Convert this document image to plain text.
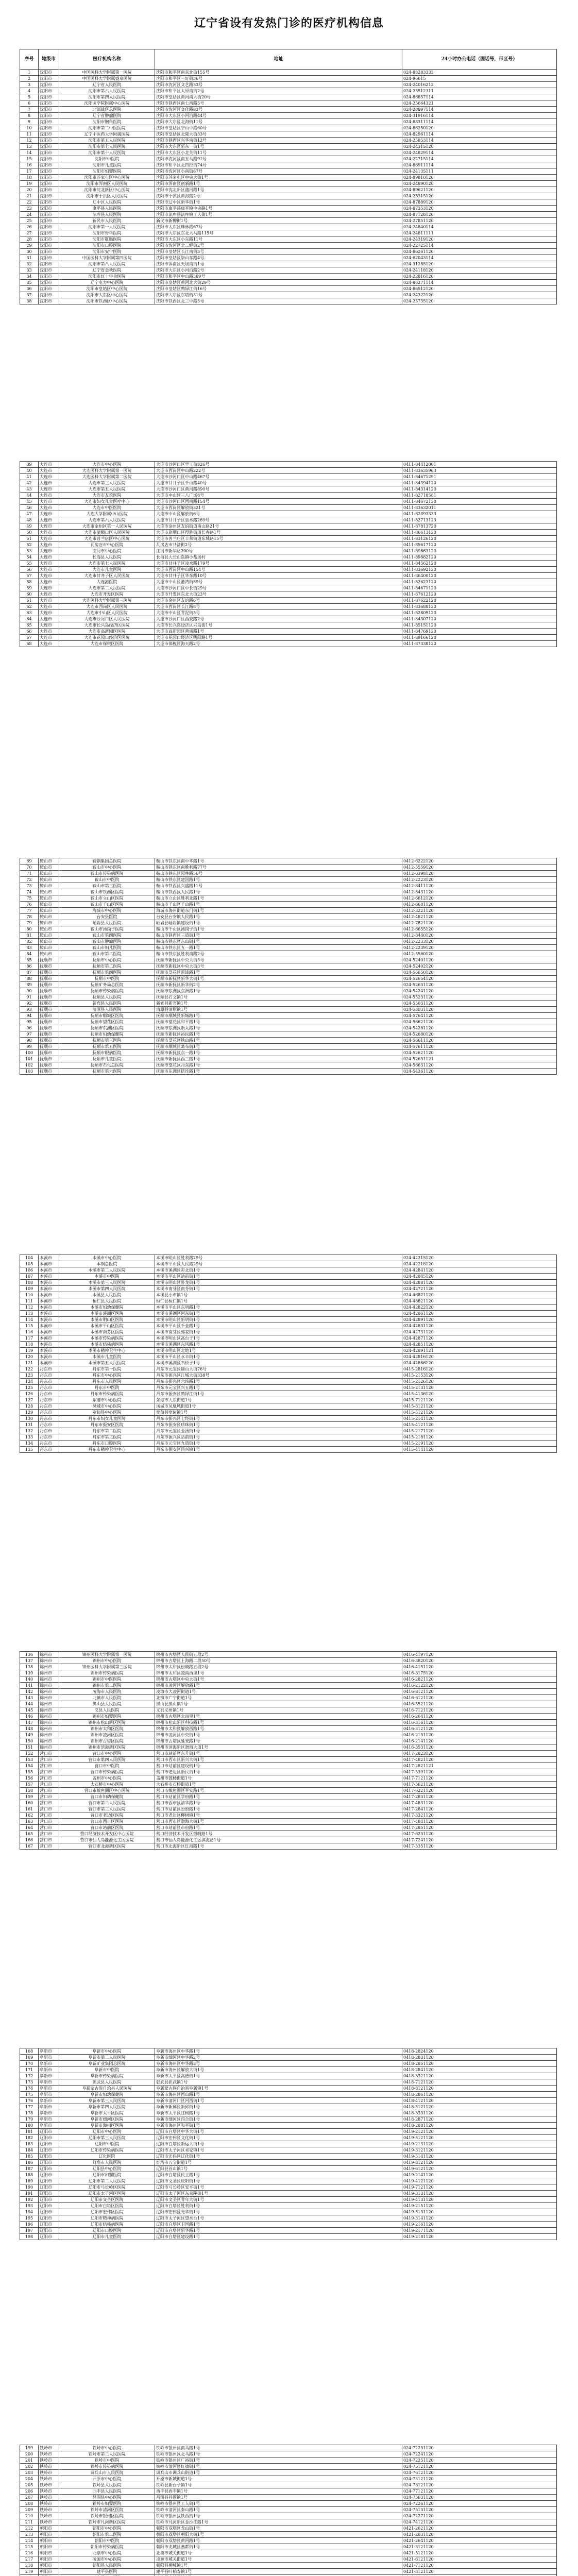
辽宁省设有发热门诊的医疗机构信息
序号	地级市	医疗机构名称	地址	24小时办公电话（固话号，带区号）
1	沈阳市	中国医科大学附属第一医院	沈阳市和平区南京北街155号	024-83283333
2	沈阳市	中国医科大学附属盛京医院	沈阳市和平区三好街36号	024-96615
3	沈阳市	辽宁省人民医院	沈阳市沈河区文艺路33号	024-24016212
4	沈阳市	沈阳市第六人民医院	沈阳市和平区太原南街2号	024-23512311
5	沈阳市	沈阳市第四人民医院	沈阳市皇姑区黄河南大街20号	024-86857114
6	沈阳市	沈阳医学院附属中心医院	沈阳市铁西区南七西路5号	024-25664321
7	沈阳市	北部战区总医院	沈阳市沈河区文化路83号	024-28897114
8	沈阳市	辽宁省肿瘤医院	沈阳市大东区小河沿路44号	024-31916114
9	沈阳市	沈阳市胸科医院	沈阳市大东区北海街11号	024-88311114
10	沈阳市	沈阳市第二中医医院	沈阳市皇姑区宁山中路60号	024-86250120
11	沈阳市	辽宁中医药大学附属医院	沈阳市皇姑区北陵大街33号	024-82961114
12	沈阳市	沈阳市第五人民医院	沈阳市铁西区兴华南街12号	024-25853114
13	沈阳市	沈阳市第七人民医院	沈阳市大东区新东一街1号	024-24315120
14	沈阳市	沈阳市第十人民医院	沈阳市大东区小北关街11号	024-24829114
15	沈阳市	沈阳市中医院	沈阳市沈河区南五马路91号	024-22715114
16	沈阳市	沈阳市儿童医院	沈阳市和平区北四经街74号	024-86911114
17	沈阳市	沈阳市妇婴医院	沈阳市沈河区小南街87号	024-24135111
18	沈阳市	沈阳市苏家屯区中心医院	沈阳市苏家屯区中央大街1号	024-89810120
19	沈阳市	沈阳市浑南区人民医院	沈阳市浑南区创新路1号	024-24890120
20	沈阳市	沈阳市沈北新区中心医院	沈阳市沈北新区蒲河路1号	024-89621120
21	沈阳市	沈阳市于洪区人民医院	沈阳市于洪区黄海路2号	024-25315120
22	沈阳市	辽中区人民医院	沈阳市辽中区新华街1号	024-87889120
23	沈阳市	康平县人民医院	沈阳市康平县康平镇中央路1号	024-87353120
24	沈阳市	法库县人民医院	沈阳市法库县法库镇工人街1号	024-87128120
25	沈阳市	新民市人民医院	新民市新柳街1号	024-27851120
26	沈阳市	沈阳市第一人民医院	沈阳市大东区珠林路67号	024-24840114
27	沈阳市	沈阳市骨科医院	沈阳市大东区东北大马路115号	024-24811111
28	沈阳市	沈阳市肛肠医院	沈阳市大东区小东路11号	024-24319120
29	沈阳市	沈阳市口腔医院	沈阳市沈河区北二经街2号	024-22725114
30	沈阳市	沈阳市安宁医院	沈阳市皇姑区长江南街3号	024-86261120
31	沈阳市	中国医科大学附属第四医院	沈阳市皇姑区崇山东路4号	024-62043114
32	沈阳市	沈阳市第八人民医院	沈阳市浑南区天坛南街1号	024-31285120
33	沈阳市	辽宁省金秋医院	沈阳市大东区小河沿路2号	024-24118120
34	沈阳市	沈阳市红十字会医院	沈阳市和平区中山路389号	024-22816120
35	沈阳市	辽宁电力中心医院	沈阳市皇姑区黄河北大街29号	024-86271114
36	沈阳市	沈阳市皇姑区中心医院	沈阳市皇姑区鸭绿江街16号	024-86512120
37	沈阳市	沈阳市大东区中心医院	沈阳市大东区东塔街31号	024-24322120
38	沈阳市	沈阳市铁西区中心医院	沈阳市铁西区北三中路5号	024-25735120
39	大连市	大连市中心医院	大连市沙河口区学工街826号	0411-84412001
40	大连市	大连医科大学附属第一医院	大连市西岗区中山路222号	0411-83635963
41	大连市	大连医科大学附属第二医院	大连市沙河口区中山路467号	0411-84671291
42	大连市	大连市第三人民医院	大连市甘井子区千山路40号	0411-84394120
43	大连市	大连市第五人民医院	大连市沙河口区黄河路890号	0411-84314120
44	大连市	大连市友谊医院	大连市中山区三八广场8号	0411-82718581
45	大连市	大连市妇女儿童医疗中心	大连市沙河口区西南路154号	0411-84672130
46	大连市	大连市中医医院	大连市西岗区解放街321号	0411-83632011
47	大连市	大连大学附属中山医院	大连市中山区解放街6号	0411-62893333
48	大连市	大连市第六人民医院	大连市甘井子区泉水路269号	0411-82713123
49	大连市	大连市金州区第一人民医院	大连市金州区友谊街道南山路21号	0411-87813720
50	大连市	大连市旅顺口区人民医院	大连市旅顺口区得胜街道长春路1号	0411-86613120
51	大连市	大连市普兰店区中心医院	大连市普兰店区丰荣街道东城路15号	0411-83126120
52	大连市	瓦房店市中心医院	瓦房店市共济街2号	0411-85617120
53	大连市	庄河市中心医院	庄河市新华路200号	0411-89863120
54	大连市	长海县人民医院	长海县大长山岛镇小盐场村	0411-89882120
55	大连市	大连市第七人民医院	大连市甘井子区凌水路179号	0411-84562120
56	大连市	大连市儿童医院	大连市西岗区中山路154号	0411-83692120
57	大连市	大连市甘井子区人民医院	大连市甘井子区华东路10号	0411-86400120
58	大连市	大连港医院	大连市中山区港湾街89号	0411-82623120
59	大连市	大连市第二人民医院	大连市沙河口区中长街29号	0411-84671120
60	大连市	大连市开发区医院	大连市开发区东北大街23号	0411-87612120
61	大连市	大连医科大学附属第三医院	大连市金州区友谊路6号	0411-87622120
62	大连市	大连市西岗区人民医院	大连市西岗区长江路8号	0411-83688120
63	大连市	大连市中山区人民医院	大连市中山区青泥街5号	0411-82809120
64	大连市	大连市沙河口区人民医院	大连市沙河口区西安路2号	0411-84307120
65	大连市	大连市长兴岛经济区医院	大连市长兴岛经济区兴岛街1号	0411-85151120
66	大连市	大连市高新园区医院	大连市高新园区黄浦路1号	0411-84769120
67	大连市	大连市花园口经济区医院	大连市花园口经济区明阳路1号	0411-89166120
68	大连市	大连市保税区医院	大连市保税区海天路2号	0411-87338120
69	鞍山市	鞍钢集团总医院	鞍山市铁东区南中华路1号	0412-6222120
70	鞍山市	鞍山市中心医院	鞍山市铁东区南胜利路77号	0412-5559120
71	鞍山市	鞍山市传染病医院	鞍山市铁东区园林路56号	0412-6398120
72	鞍山市	鞍山市中医院	鞍山市铁东区建国路1号	0412-2223120
73	鞍山市	鞍山市第三医院	鞍山市铁西区兴盛路11号	0412-8411120
74	鞍山市	鞍山市铁西区医院	鞍山市铁西区人民路1号	0412-8431120
75	鞍山市	鞍山市立山区医院	鞍山市立山区胜利北路1号	0412-6612120
76	鞍山市	鞍山市千山区医院	鞍山市千山区千山路1号	0412-6681120
77	鞍山市	海城市中心医院	海城市海州街道东门街1号	0412-3221120
78	鞍山市	台安县医院	台安县台安镇人民路1号	0412-4821120
79	鞍山市	岫岩县人民医院	岫岩县岫岩镇建设街1号	0412-7821120
80	鞍山市	鞍山市汤岗子医院	鞍山市千山区汤岗子街1号	0412-6655120
81	鞍山市	鞍山市第四医院	鞍山市铁西区三道街1号	0412-8440120
82	鞍山市	鞍山市肿瘤医院	鞍山市铁东区东山街1号	0412-2233120
83	鞍山市	鞍山市妇儿医院	鞍山市铁东区五一路1号	0412-2239120
84	鞍山市	鞍山市第二医院	鞍山市铁东区胜利南路2号	0412-5560120
85	抚顺市	抚顺市中心医院	抚顺市新抚区中央大街5号	024-52401120
86	抚顺市	抚顺市第二医院	抚顺市新抚区中央大街3号	024-52402120
87	抚顺市	抚顺市第四医院	抚顺市望花区雷锋路1号	024-56650120
88	抚顺市	抚顺市中医院	抚顺市新抚区新华大街1号	024-52654120
89	抚顺市	抚顺矿务局总医院	抚顺市新抚区新华街2号	024-52631120
90	抚顺市	抚顺市传染病医院	抚顺市东洲区东洲路1号	024-54241120
91	抚顺市	抚顺县人民医院	抚顺县石文镇1号	024-55231120
92	抚顺市	新宾县人民医院	新宾县新宾镇1号	024-55031120
93	抚顺市	清原县人民医院	清原县清原镇1号	024-53031120
94	抚顺市	抚顺市顺城区医院	抚顺市顺城区新城路1号	024-57641120
95	抚顺市	抚顺市望花区医院	抚顺市望花区和平路1号	024-56621120
96	抚顺市	抚顺市东洲区医院	抚顺市东洲区新太路1号	024-54281120
97	抚顺市	抚顺市妇幼保健院	抚顺市新抚区裕民路1号	024-52680120
98	抚顺市	抚顺市第三医院	抚顺市望花区铁山路1号	024-56611120
99	抚顺市	抚顺市第五医院	抚顺市顺城区葛布街1号	024-57611120
100	抚顺市	抚顺市眼病医院	抚顺市新抚区东一路1号	024-52621120
101	抚顺市	抚顺市儿童医院	抚顺市新抚区西三路1号	024-52631121
102	抚顺市	抚顺市石化总医院	抚顺市望花区丹东路1号	024-56631120
103	抚顺市	抚顺市第六医院	抚顺市东洲区搭连路1号	024-54261120
104	本溪市	本溪市中心医院	本溪市明山区胜利路29号	024-42215120
105	本溪市	本钢总医院	本溪市平山区人民路29号	024-42218120
106	本溪市	本溪市第二人民医院	本溪市溪湖区彩北街1号	024-42841120
107	本溪市	本溪市中医院	本溪市平山区站前街1号	024-42845120
108	本溪市	本溪市第三人民医院	本溪市明山区卧龙街1号	024-42881120
109	本溪市	本溪市第四人民医院	本溪市南芬区南芬街1号	024-42721120
110	本溪市	本溪县人民医院	本溪县小市镇1号	024-46821120
111	本溪市	桓仁县人民医院	桓仁县桓仁镇1号	024-48821120
112	本溪市	本溪市妇幼保健院	本溪市平山区东明路1号	024-42822120
113	本溪市	本溪市溪湖区医院	本溪市溪湖区河东街1号	024-42861120
114	本溪市	本溪市明山区医院	本溪市明山区新明街1号	024-42891120
115	本溪市	本溪市平山区医院	本溪市平山区千金路1号	024-42831120
116	本溪市	本溪市南芬区医院	本溪市南芬区郭家街1号	024-42731120
117	本溪市	本溪市传染病医院	本溪市明山区高台子1号	024-42871120
118	本溪市	本溪市结核病医院	本溪市溪湖区东风路1号	024-42851120
119	本溪市	本溪市精神卫生中心	本溪市明山区北地1号	024-42891121
120	本溪市	本溪市儿童医院	本溪市平山区永丰街1号	024-42816120
121	本溪市	本溪市第五人民医院	本溪市溪湖区石桥子1号	024-42866120
122	丹东市	丹东市第一医院	丹东市元宝区锦山大街76号	0415-2816120
123	丹东市	丹东市中心医院	丹东市振兴区江城大街338号	0415-2153120
124	丹东市	丹东市人民医院	丹东市振兴区六纬路1号	0415-2126120
125	丹东市	丹东市中医院	丹东市元宝区兴五路1号	0415-2131120
126	丹东市	丹东市传染病医院	丹东市振安区鸭绿江街1号	0415-4136120
127	丹东市	东港市中心医院	东港市大东街道1号	0415-7121120
128	丹东市	凤城市中心医院	凤城市凤凰城街道1号	0415-8121120
129	丹东市	宽甸县中心医院	宽甸县宽甸镇1号	0415-5121120
130	丹东市	丹东市妇女儿童医院	丹东市振兴区七经街1号	0415-2141120
131	丹东市	丹东市振安区医院	丹东市振安区珍珠街1号	0415-4121120
132	丹东市	丹东市第二医院	丹东市元宝区金汤街1号	0415-2171120
133	丹东市	丹东市第三医院	丹东市振兴区站前街1号	0415-2181120
134	丹东市	丹东市口腔医院	丹东市元宝区九道街1号	0415-2191120
135	丹东市	丹东市精神卫生中心	丹东市振安区同兴镇1号	0415-4141120
136	锦州市	锦州医科大学附属第一医院	锦州市古塔区人民街五段2号	0416-4197120
137	锦州市	锦州市中心医院	锦州市古塔区上海路二段50号	0416-3820120
138	锦州市	锦州医科大学附属第三医院	锦州市太和区松坡路五段2号	0416-4151120
139	锦州市	锦州市传染病医院	锦州市太和区凌南西里1号	0416-3175120
140	锦州市	锦州市中医医院	锦州市古塔区中央大街1号	0416-2821120
141	锦州市	锦州市第二医院	锦州市凌河区解放路1号	0416-2122120
142	锦州市	凌海市人民医院	凌海市大凌河街道1号	0416-8121120
143	锦州市	北镇市人民医院	北镇市广宁街道1号	0416-6121120
144	锦州市	黑山县人民医院	黑山县黑山镇1号	0416-5521120
145	锦州市	义县人民医院	义县义州镇1号	0416-7121120
146	锦州市	锦州市妇婴医院	锦州市古塔区北四里1号	0416-2641120
147	锦州市	锦州市松山新区医院	锦州市松山新区科技路1号	0416-3161120
148	锦州市	锦州市太和区医院	锦州市太和区解放西路1号	0416-3121120
149	锦州市	锦州市凌河区医院	锦州市凌河区中央街1号	0416-2131120
150	锦州市	锦州市古塔区医院	锦州市古塔区延安路1号	0416-2141120
151	锦州市	锦州市滨海新区医院	锦州市滨海新区渤海大道1号	0416-3531120
152	营口市	营口市中心医院	营口市站前区东升街1号	0417-2823120
153	营口市	营口市第四人民医院	营口市西市区新兴大街1号	0417-4821120
154	营口市	营口市中医院	营口市站前区建设街1号	0417-2821121
155	营口市	营口市传染病医院	营口市老边区新民街1号	0417-3391120
156	营口市	盖州市中心医院	盖州市鼓楼街道1号	0417-7121120
157	营口市	大石桥市中心医院	大石桥市石桥街道1号	0417-5621120
158	营口市	营口市鲅鱼圈区中心医院	营口市鲅鱼圈区平安路1号	0417-6221120
159	营口市	营口市妇幼保健院	营口市站前区学府路1号	0417-2831120
160	营口市	营口市第二人民医院	营口市西市区清华路1号	0417-4831120
161	营口市	营口市第三人民医院	营口市站前区盼盼路1号	0417-2841120
162	营口市	营口市老边区医院	营口市老边区柳树镇1号	0417-3321120
163	营口市	营口市西市区医院	营口市西市区渤海大街1号	0417-4841120
164	营口市	营口市站前区医院	营口市站前区市府路1号	0417-2851120
165	营口市	营口经济技术开发区中心医院	营口经济技术开发区银帆路1号	0417-6231120
166	营口市	营口市仙人岛能源化工区医院	营口市仙人岛能源化工区滨海路1号	0417-7241120
167	营口市	营口市北海新区医院	营口市北海新区红海路1号	0417-3351120
168	阜新市	阜新市中心医院	阜新市海州区中华路1号	0418-2824120
169	阜新市	阜新市第二人民医院	阜新市细河区中华路2号	0418-2831120
170	阜新市	阜新矿业集团总医院	阜新市海州区中华路3号	0418-2851120
171	阜新市	阜新市中医院	阜新市海州区解放大街1号	0418-2841120
172	阜新市	阜新市传染病医院	阜新市太平区高德街1号	0418-3321120
173	阜新市	彰武县人民医院	彰武县彰武镇1号	0418-7121120
174	阜新市	阜新蒙古族自治县人民医院	阜新蒙古族自治县阜新镇1号	0418-8121120
175	阜新市	阜新市妇幼保健院	阜新市海州区西山路1号	0418-2861120
176	阜新市	阜新市第三人民医院	阜新市清河门区河西街1号	0418-4121120
177	阜新市	阜新市第四人民医院	阜新市新邱区新邱街1号	0418-5121120
178	阜新市	阜新市太平区医院	阜新市太平区红树路1号	0418-3331120
179	阜新市	阜新市细河区医院	阜新市细河区四合街1号	0418-2871120
180	阜新市	阜新市海州区医院	阜新市海州区和平街1号	0418-2881120
181	辽阳市	辽阳市中心医院	辽阳市白塔区中华大街1号	0419-2121120
182	辽阳市	辽阳市第三人民医院	辽阳市宏伟区文化街1号	0419-5121120
183	辽阳市	辽阳市中医院	辽阳市白塔区新运大街1号	0419-2131120
184	辽阳市	辽阳市传染病医院	辽阳市太子河区祁家镇1号	0419-3121120
185	辽阳市	辽化医院	辽阳市宏伟区辽化街1号	0419-5141120
186	辽阳市	灯塔市人民医院	灯塔市万宝街道1号	0419-8121120
187	辽阳市	辽阳县中心医院	辽阳县首山镇1号	0419-6121120
188	辽阳市	辽阳市妇婴医院	辽阳市白塔区民主路1号	0419-2141120
189	辽阳市	辽阳市第二人民医院	辽阳市文圣区庆阳街1号	0419-4121120
190	辽阳市	辽阳市弓长岭区医院	辽阳市弓长岭区安平街1号	0419-7121120
191	辽阳市	辽阳市太子河区医院	辽阳市太子河区东京陵街1号	0419-3131120
192	辽阳市	辽阳市文圣区医院	辽阳市文圣区青年大街1号	0419-4131120
193	辽阳市	辽阳市白塔区医院	辽阳市白塔区胜利街1号	0419-2151120
194	辽阳市	辽阳市宏伟区医院	辽阳市宏伟区光华街1号	0419-5131120
195	辽阳市	辽阳市精神病医院	辽阳市太子河区望水台1号	0419-3141120
196	辽阳市	辽阳市结核病医院	辽阳市白塔区卫国路1号	0419-2161120
197	辽阳市	辽阳市口腔医院	辽阳市白塔区新华路1号	0419-2171120
198	辽阳市	辽阳市儿童医院	辽阳市白塔区建设路1号	0419-2181120
199	铁岭市	铁岭市中心医院	铁岭市银州区南马路1号	024-72231120
200	铁岭市	铁岭市第二人民医院	铁岭市银州区北马路1号	024-72241120
201	铁岭市	铁岭市中医院	铁岭市银州区广裕街1号	024-72251120
202	铁岭市	铁岭市传染病医院	铁岭市清河区红旗街1号	024-75121120
203	铁岭市	调兵山市人民医院	调兵山市调兵山街道1号	024-76121120
204	铁岭市	开原市中心医院	开原市新城街道1号	024-73121120
205	铁岭市	铁岭县人民医院	铁岭县新台子镇1号	024-78121120
206	铁岭市	西丰县人民医院	西丰县西丰镇1号	024-77121120
207	铁岭市	昌图县中心医院	昌图县昌图镇1号	024-75631120
208	铁岭市	铁岭市妇婴医院	铁岭市银州区工人街1号	024-72261120
209	铁岭市	铁岭市清河区医院	铁岭市清河区泰山路1号	024-75131120
210	铁岭市	铁岭市银州区医院	铁岭市银州区铁西街1号	024-72271120
211	铁岭市	铁岭市凡河新区医院	铁岭市凡河新区金沙江路1号	024-74121120
212	朝阳市	朝阳市中心医院	朝阳市双塔区龙山街1号	0421-2621120
213	朝阳市	朝阳市第二医院	朝阳市双塔区朝阳大街1号	0421-2631120
214	朝阳市	朝阳市中医院	朝阳市双塔区黄河路1号	0421-2641120
215	朝阳市	朝阳市传染病医院	朝阳市龙城区燕都街1号	0421-3121120
216	朝阳市	北票市中心医院	北票市城关街道1号	0421-5121120
217	朝阳市	凌源市中心医院	凌源市城关街道1号	0421-6121120
218	朝阳市	朝阳县人民医院	朝阳县柳城镇1号	0421-7121120
219	朝阳市	建平县医院	建平县叶柏寿镇1号	0421-8121120
